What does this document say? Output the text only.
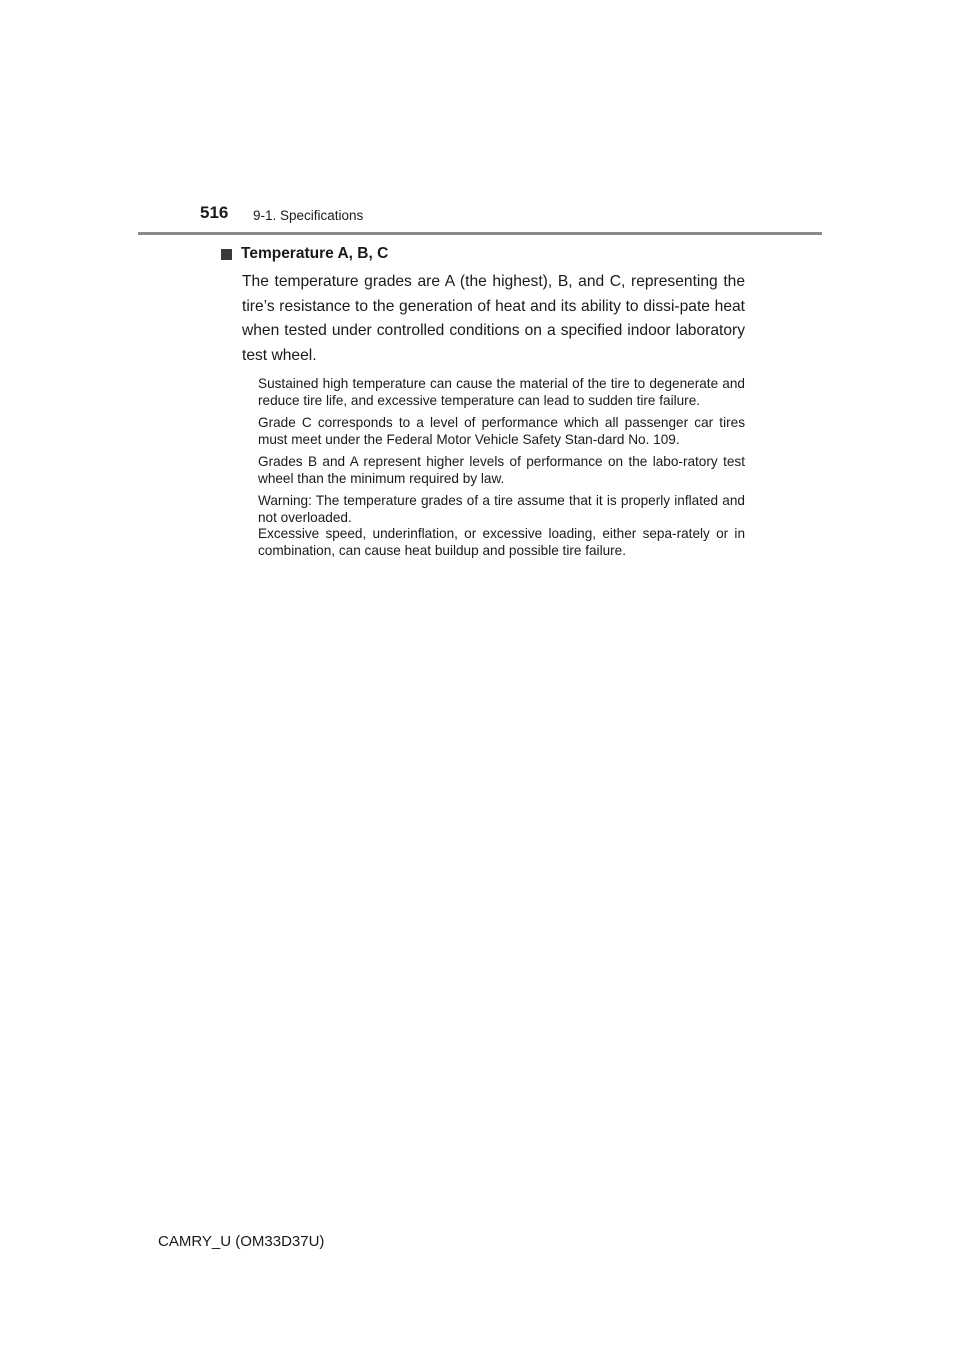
516 9-1. Specifications
Temperature A, B, C

The temperature grades are A (the highest), B, and C, representing the tire’s resistance to the generation of heat and its ability to dissi-pate heat when tested under controlled conditions on a specified indoor laboratory test wheel.

Sustained high temperature can cause the material of the tire to degenerate and reduce tire life, and excessive temperature can lead to sudden tire failure.

Grade C corresponds to a level of performance which all passenger car tires must meet under the Federal Motor Vehicle Safety Stan-dard No. 109.

Grades B and A represent higher levels of performance on the labo-ratory test wheel than the minimum required by law.

Warning: The temperature grades of a tire assume that it is properly inflated and not overloaded.
Excessive speed, underinflation, or excessive loading, either sepa-rately or in combination, can cause heat buildup and possible tire failure.

CAMRY_U (OM33D37U)
